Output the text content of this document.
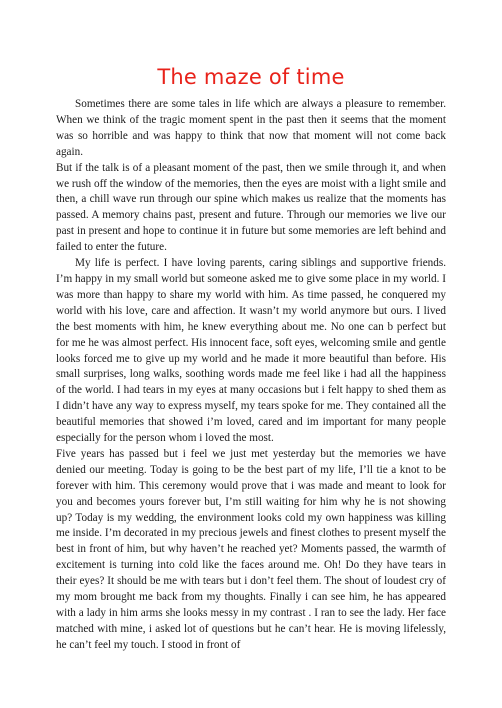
The maze of time

Sometimes there are some tales in life which are always a pleasure to remember. When we think of the tragic moment spent in the past then it seems that the moment was so horrible and was happy to think that now that moment will not come back again.

But if the talk is of a pleasant moment of the past, then we smile through it, and when we rush off the window of the memories, then the eyes are moist with a light smile and then, a chill wave run through our spine which makes us realize that the moments has passed. A memory chains past, present and future. Through our memories we live our past in present and hope to continue it in future but some memories are left behind and failed to enter the future.

My life is perfect. I have loving parents, caring siblings and supportive friends. I’m happy in my small world but someone asked me to give some place in my world. I was more than happy to share my world with him. As time passed, he conquered my world with his love, care and affection. It wasn’t my world anymore but ours. I lived the best moments with him, he knew everything about me. No one can b perfect but for me he was almost perfect. His innocent face, soft eyes, welcoming smile and gentle looks forced me to give up my world and he made it more beautiful than before. His small surprises, long walks, soothing words made me feel like i had all the happiness of the world. I had tears in my eyes at many occasions but i felt happy to shed them as I didn’t have any way to express myself, my tears spoke for me. They contained all the beautiful memories that showed i’m loved, cared and im important for many people especially for the person whom i loved the most.

Five years has passed but i feel we just met yesterday but the memories we have denied our meeting. Today is going to be the best part of my life, I’ll tie a knot to be forever with him. This ceremony would prove that i was made and meant to look for you and becomes yours forever but, I’m still waiting for him why he is not showing up? Today is my wedding, the environment looks cold my own happiness was killing me inside. I’m decorated in my precious jewels and finest clothes to present myself the best in front of him, but why haven’t he reached yet? Moments passed, the warmth of excitement is turning into cold like the faces around me. Oh! Do they have tears in their eyes? It should be me with tears but i don’t feel them. The shout of loudest cry of my mom brought me back from my thoughts. Finally i can see him, he has appeared with a lady in him arms she looks messy in my contrast . I ran to see the lady. Her face matched with mine, i asked lot of questions but he can’t hear. He is moving lifelessly, he can’t feel my touch. I stood in front of
